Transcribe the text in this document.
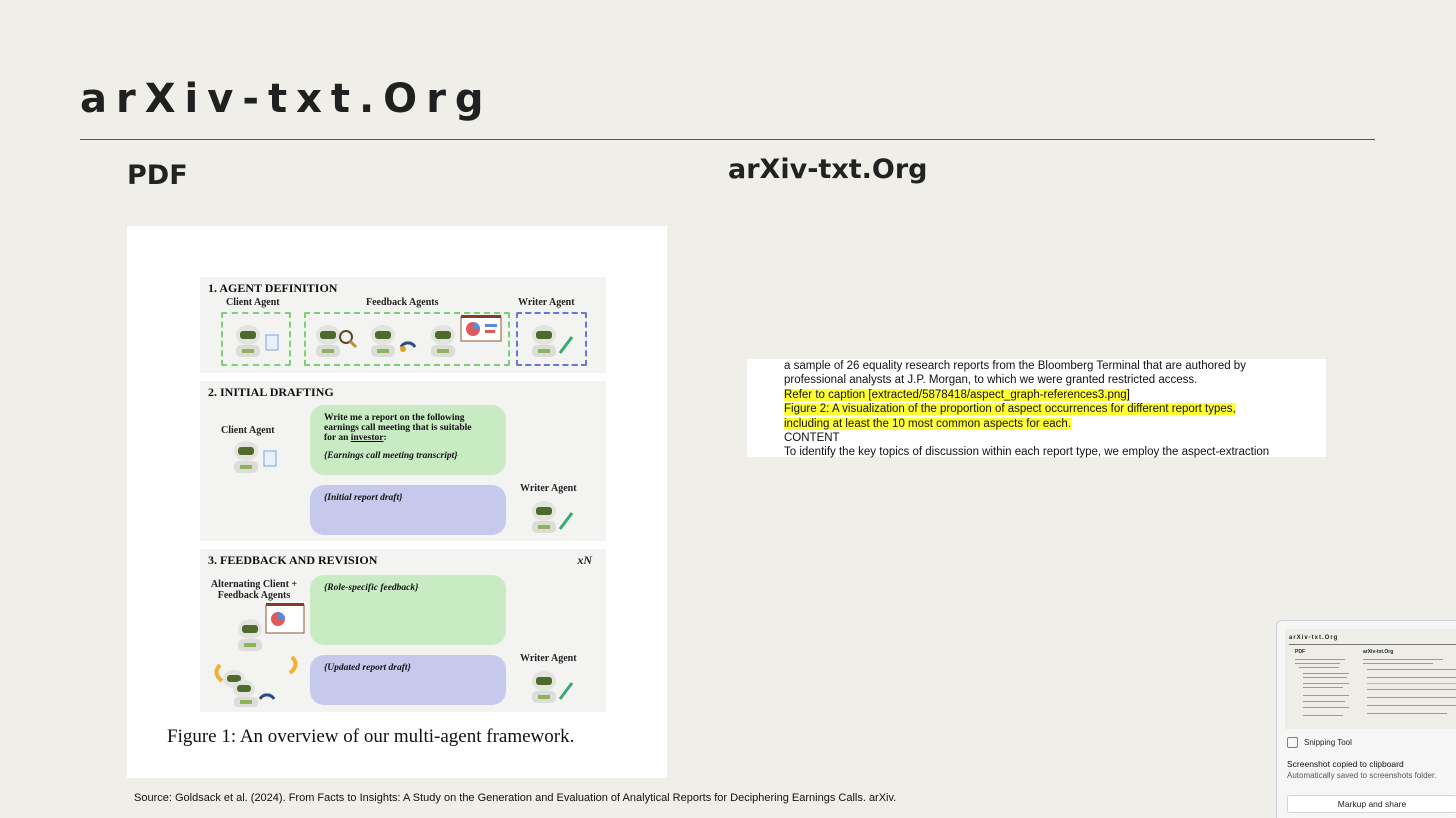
arXiv-txt.Org
PDF	arXiv-txt.Org
1. AGENT DEFINITION
Client Agent	Feedback Agents	Writer Agent
2. INITIAL DRAFTING
Client Agent
Write me a report on the following
earnings call meeting that is suitable
for an investor:
{Earnings call meeting transcript}
{Initial report draft}
Writer Agent
3. FEEDBACK AND REVISION	xN
Alternating Client +
Feedback Agents
{Role-specific feedback}
{Updated report draft}
Writer Agent
Figure 1: An overview of our multi-agent framework.
a sample of 26 equality research reports from the Bloomberg Terminal that are authored by
professional analysts at J.P. Morgan, to which we were granted restricted access.
Refer to caption [extracted/5878418/aspect_graph-references3.png]
Figure 2: A visualization of the proportion of aspect occurrences for different report types,
including at least the 10 most common aspects for each.
CONTENT
To identify the key topics of discussion within each report type, we employ the aspect-extraction
Source: Goldsack et al. (2024). From Facts to Insights: A Study on the Generation and Evaluation of Analytical Reports for Deciphering Earnings Calls. arXiv.
arXiv-txt.Org
PDF	arXiv-txt.Org
Snipping Tool
Screenshot copied to clipboard
Automatically saved to screenshots folder.
Markup and share
